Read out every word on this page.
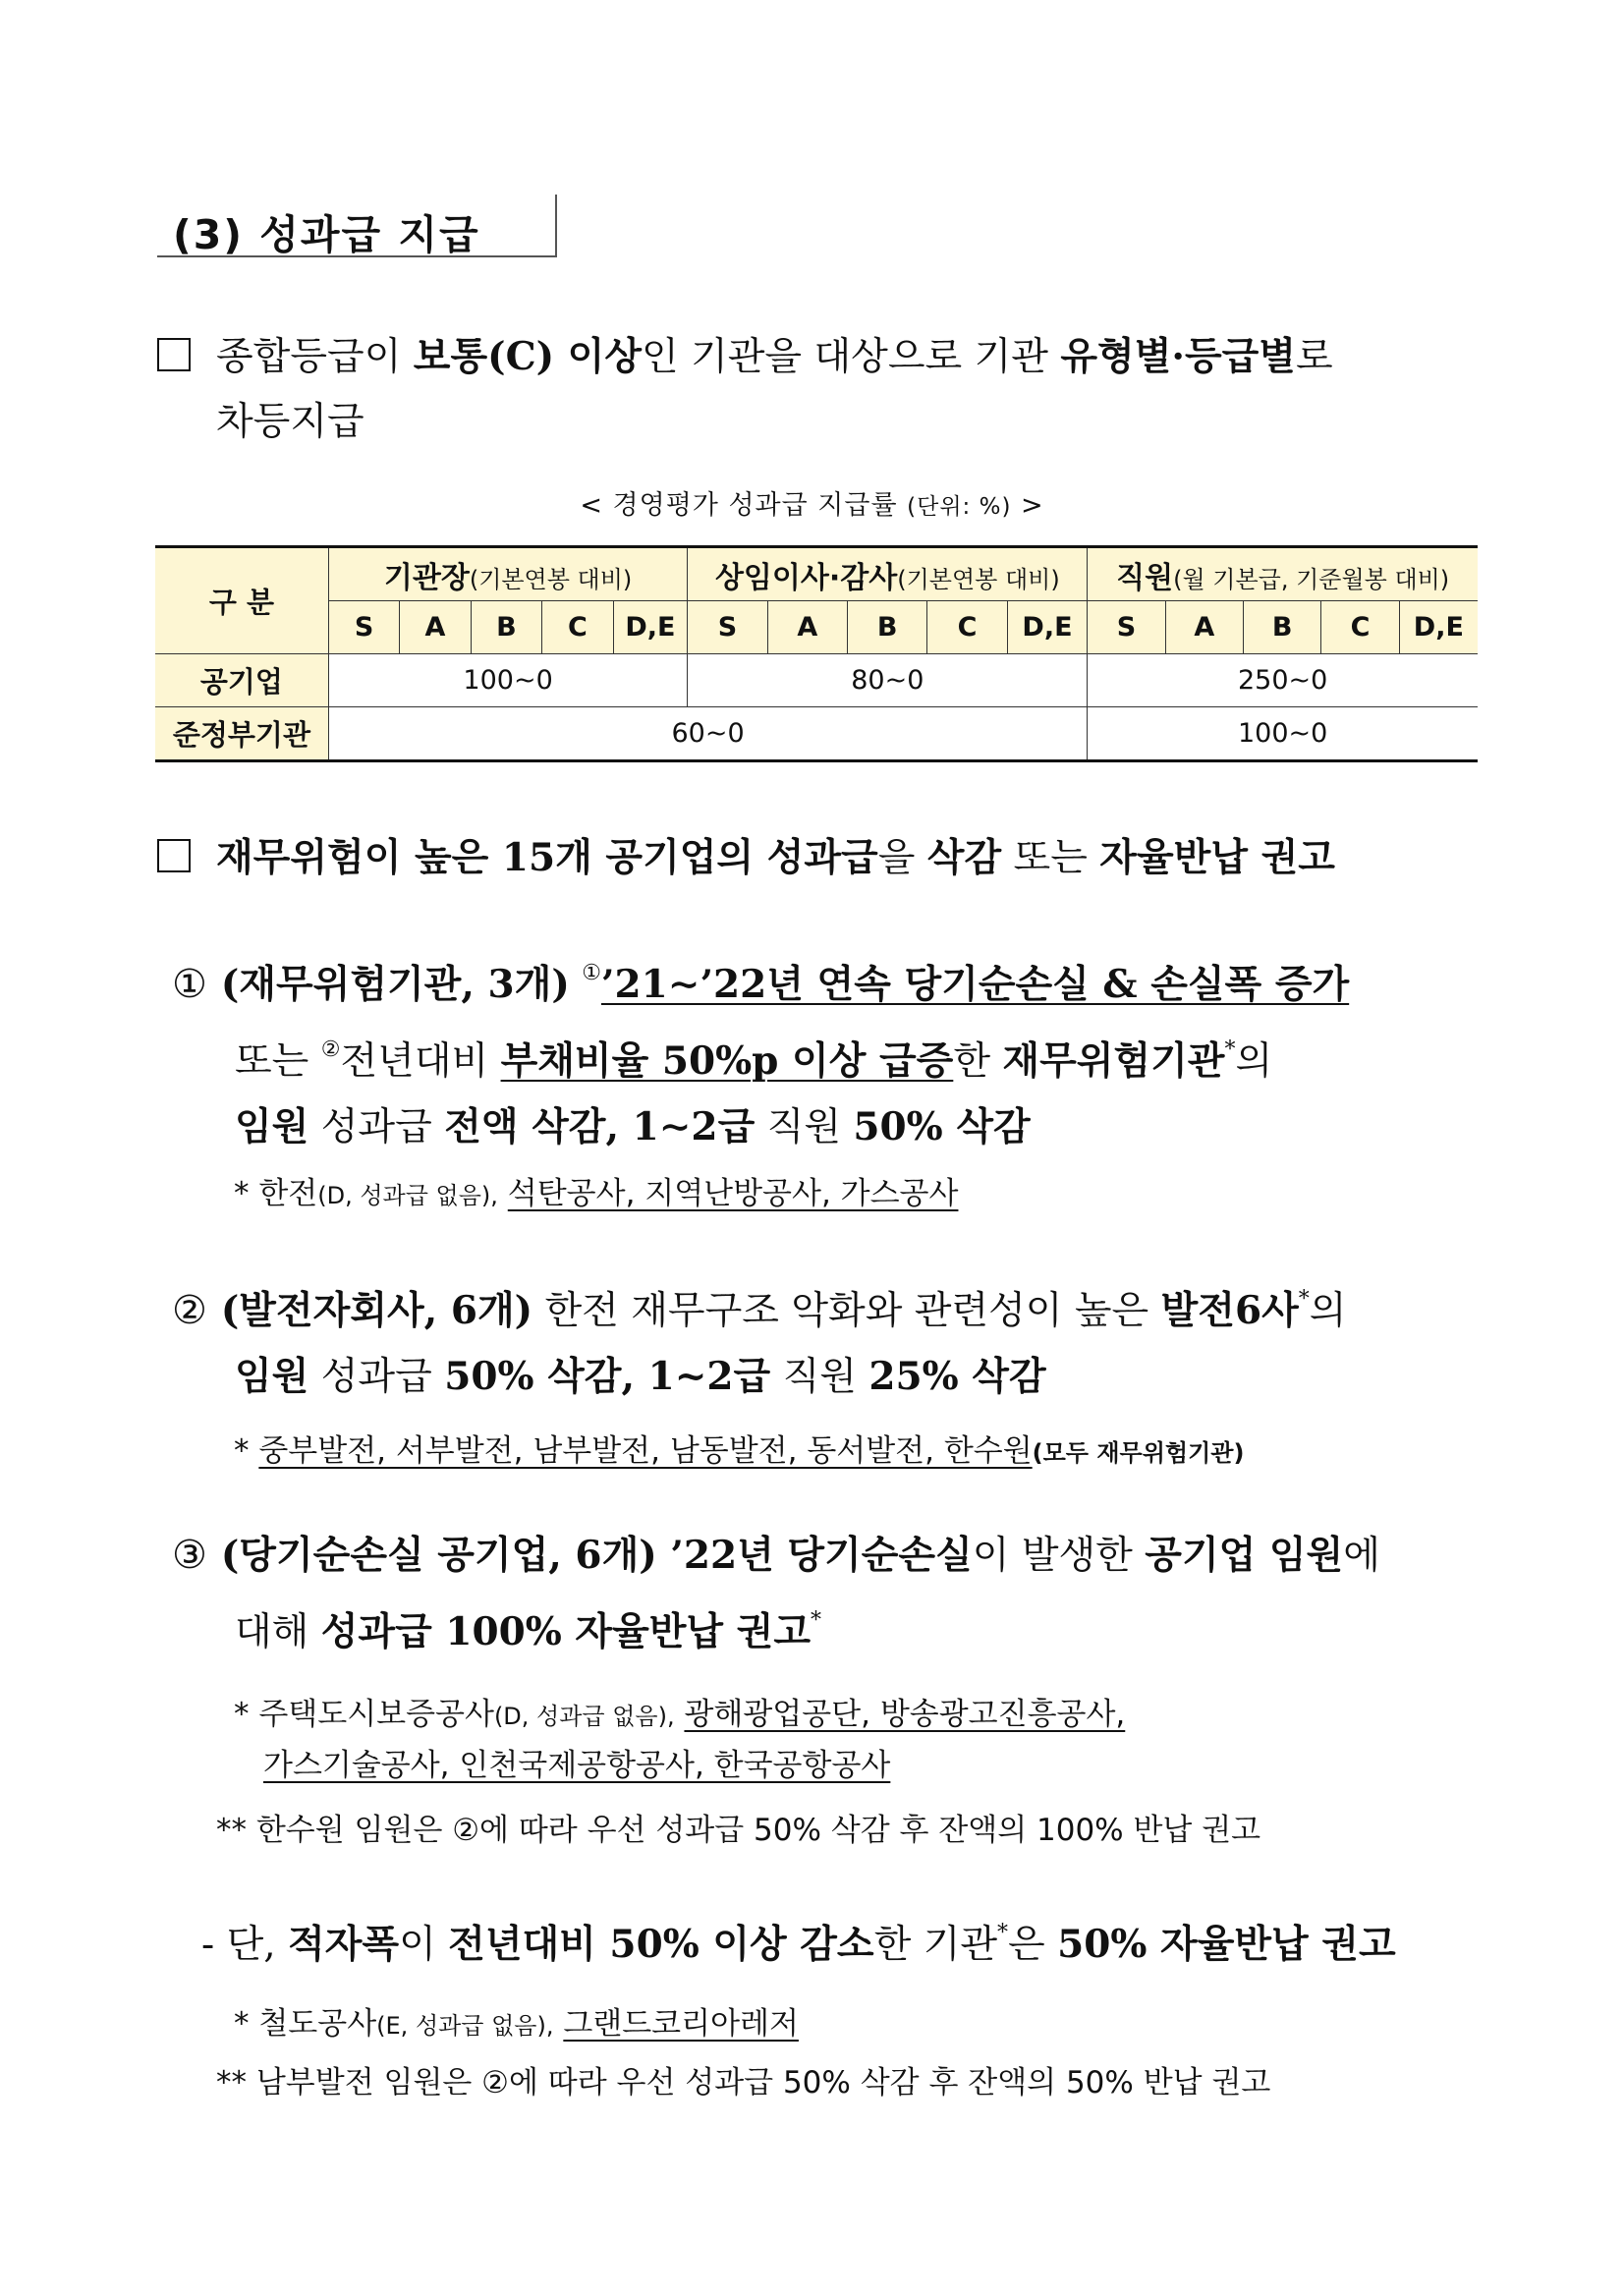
(3) 성과급 지급
종합등급이 보통(C) 이상인 기관을 대상으로 기관 유형별·등급별로
차등지급
< 경영평가 성과급 지급률 (단위: %) >
구 분	기관장(기본연봉 대비)					상임이사·감사(기본연봉 대비)					직원(월 기본급, 기준월봉 대비)				
	S	A	B	C	D,E	S	A	B	C	D,E	S	A	B	C	D,E
공기업	100~0					80~0					250~0				
준정부기관	60~0										100~0				
재무위험이 높은 15개 공기업의 성과급을 삭감 또는 자율반납 권고
① (재무위험기관, 3개) ①’21∼’22년 연속 당기순손실 & 손실폭 증가
또는 ②전년대비 부채비율 50%p 이상 급증한 재무위험기관*의
임원 성과급 전액 삭감, 1∼2급 직원 50% 삭감
* 한전(D, 성과급 없음), 석탄공사, 지역난방공사, 가스공사
② (발전자회사, 6개) 한전 재무구조 악화와 관련성이 높은 발전6사*의
임원 성과급 50% 삭감, 1~2급 직원 25% 삭감
* 중부발전, 서부발전, 남부발전, 남동발전, 동서발전, 한수원(모두 재무위험기관)
③ (당기순손실 공기업, 6개) ’22년 당기순손실이 발생한 공기업 임원에
대해 성과급 100% 자율반납 권고*
* 주택도시보증공사(D, 성과급 없음), 광해광업공단, 방송광고진흥공사,
가스기술공사, 인천국제공항공사, 한국공항공사
** 한수원 임원은 ②에 따라 우선 성과급 50% 삭감 후 잔액의 100% 반납 권고
- 단, 적자폭이 전년대비 50% 이상 감소한 기관*은 50% 자율반납 권고
* 철도공사(E, 성과급 없음), 그랜드코리아레저
** 남부발전 임원은 ②에 따라 우선 성과급 50% 삭감 후 잔액의 50% 반납 권고
